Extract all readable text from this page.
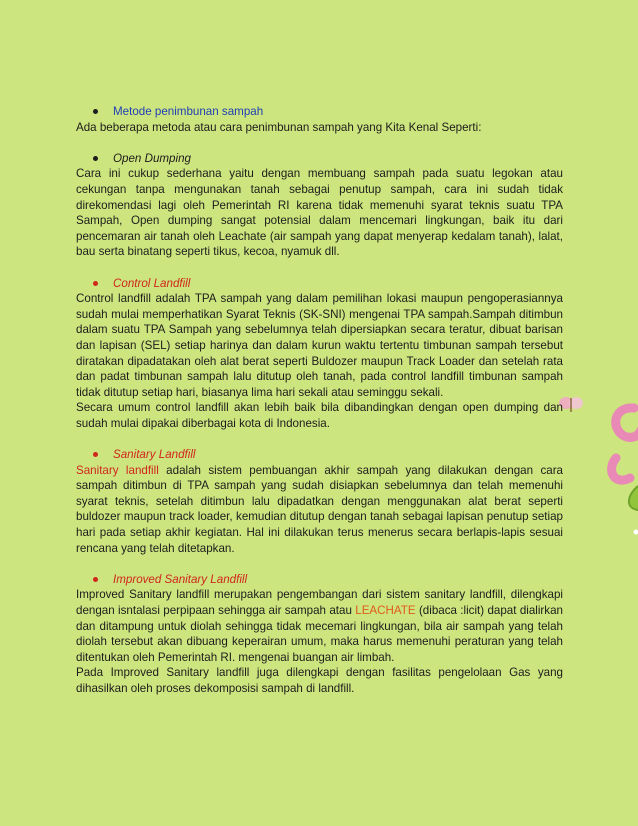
Metode penimbunan sampah

Ada beberapa metoda atau cara penimbunan sampah yang Kita Kenal Seperti:

Open Dumping

Cara ini cukup sederhana yaitu dengan membuang sampah pada suatu legokan atau cekungan tanpa mengunakan tanah sebagai penutup sampah, cara ini sudah tidak direkomendasi lagi oleh Pemerintah RI karena tidak memenuhi syarat teknis suatu TPA Sampah, Open dumping sangat potensial dalam mencemari lingkungan, baik itu dari pencemaran air tanah oleh Leachate (air sampah yang dapat menyerap kedalam tanah), lalat, bau serta binatang seperti tikus, kecoa, nyamuk dll.

Control Landfill

Control landfill adalah TPA sampah yang dalam pemilihan lokasi maupun pengoperasiannya sudah mulai memperhatikan Syarat Teknis (SK-SNI) mengenai TPA sampah.Sampah ditimbun dalam suatu TPA Sampah yang sebelumnya telah dipersiapkan secara teratur, dibuat barisan dan lapisan (SEL) setiap harinya dan dalam kurun waktu tertentu timbunan sampah tersebut diratakan dipadatakan oleh alat berat seperti Buldozer maupun Track Loader dan setelah rata dan padat timbunan sampah lalu ditutup oleh tanah, pada control landfill timbunan sampah tidak ditutup setiap hari, biasanya lima hari sekali atau seminggu sekali.

Secara umum control landfill akan lebih baik bila dibandingkan dengan open dumping dan sudah mulai dipakai diberbagai kota di Indonesia.

Sanitary Landfill

Sanitary landfill adalah sistem pembuangan akhir sampah yang dilakukan dengan cara sampah ditimbun di TPA sampah yang sudah disiapkan sebelumnya dan telah memenuhi syarat teknis, setelah ditimbun lalu dipadatkan dengan menggunakan alat berat seperti buldozer maupun track loader, kemudian ditutup dengan tanah sebagai lapisan penutup setiap hari pada setiap akhir kegiatan. Hal ini dilakukan terus menerus secara berlapis-lapis sesuai rencana yang telah ditetapkan.

Improved Sanitary Landfill

Improved Sanitary landfill merupakan pengembangan dari sistem sanitary landfill, dilengkapi dengan isntalasi perpipaan sehingga air sampah atau LEACHATE (dibaca :licit) dapat dialirkan dan ditampung untuk diolah sehingga tidak mecemari lingkungan, bila air sampah yang telah diolah tersebut akan dibuang keperairan umum, maka harus memenuhi peraturan yang telah ditentukan oleh Pemerintah RI. mengenai buangan air limbah.

Pada Improved Sanitary landfill juga dilengkapi dengan fasilitas pengelolaan Gas yang dihasilkan oleh proses dekomposisi sampah di landfill.
